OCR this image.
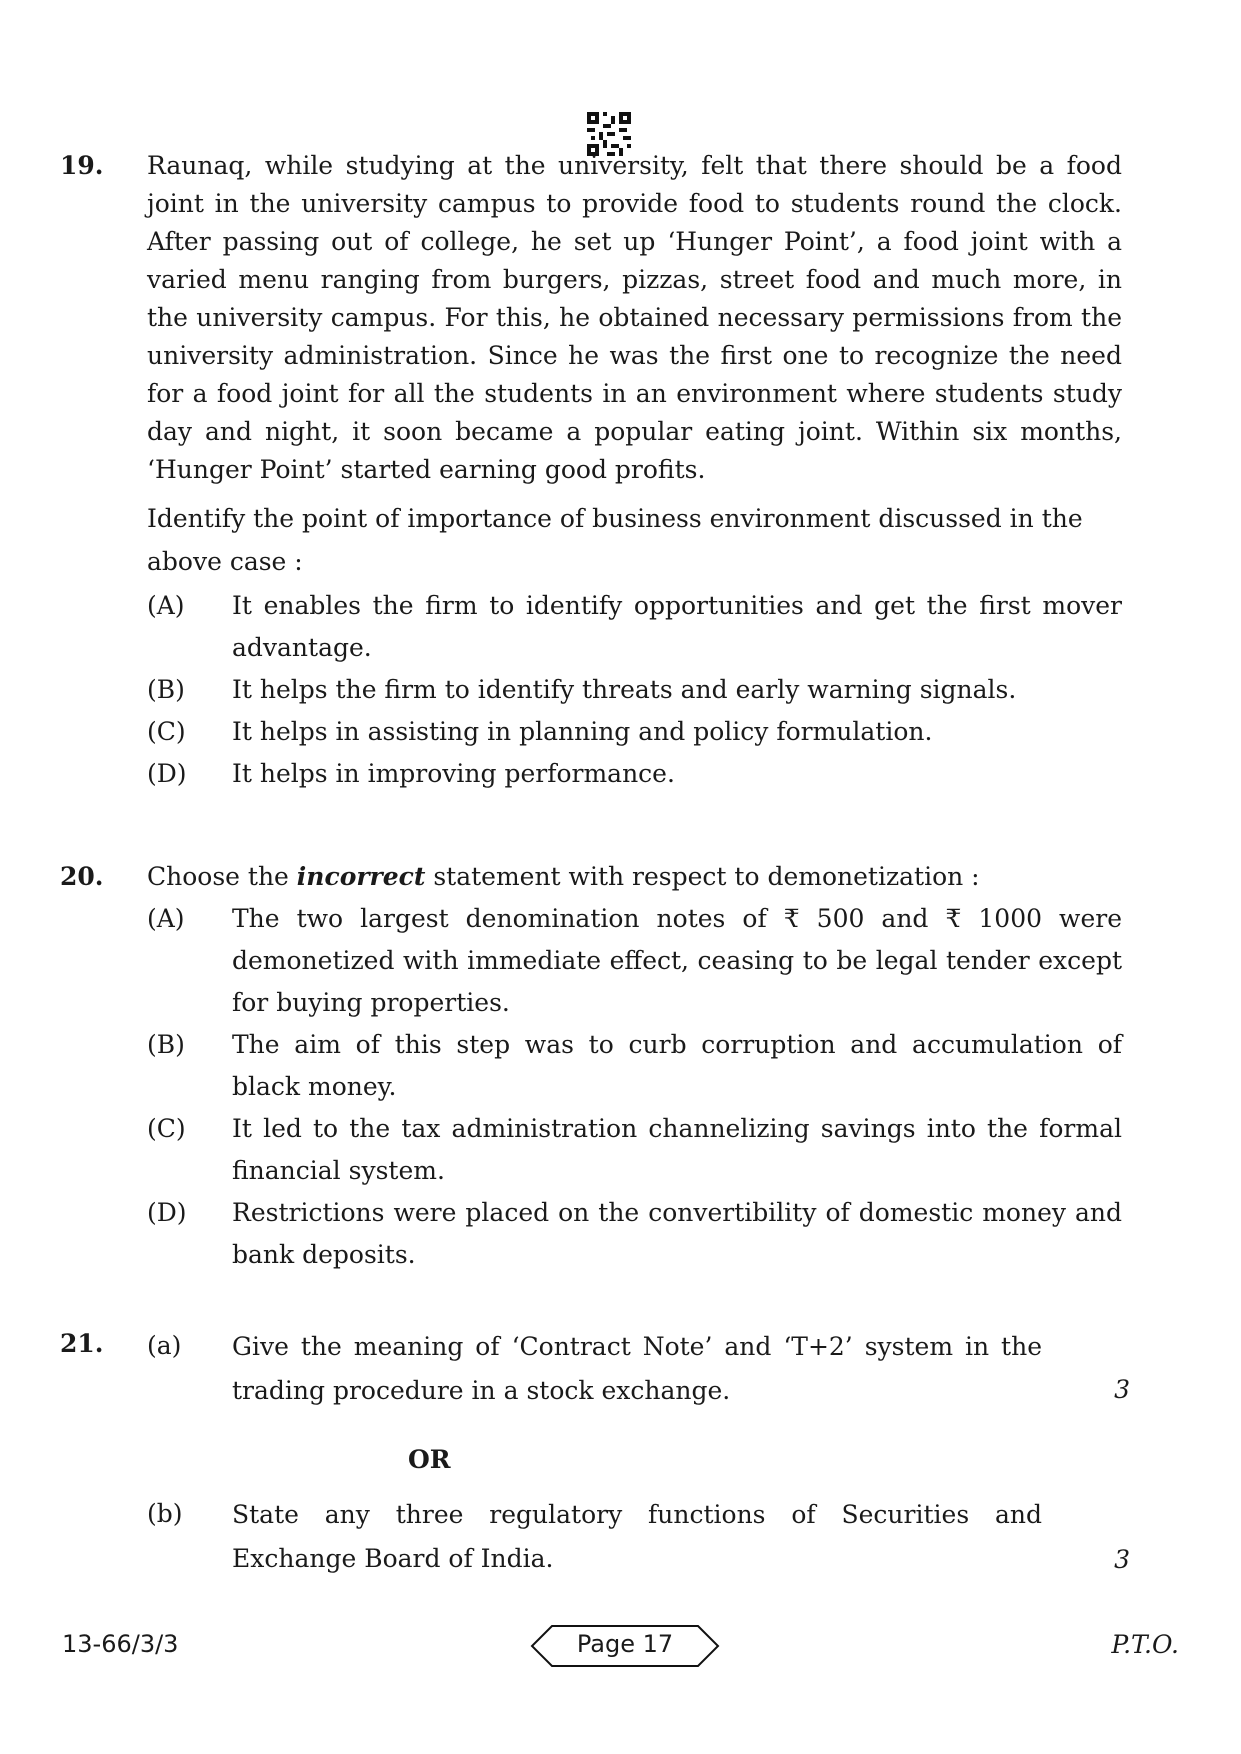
19. Raunaq, while studying at the university, felt that there should be a food joint in the university campus to provide food to students round the clock. After passing out of college, he set up ‘Hunger Point’, a food joint with a varied menu ranging from burgers, pizzas, street food and much more, in the university campus. For this, he obtained necessary permissions from the university administration. Since he was the first one to recognize the need for a food joint for all the students in an environment where students study day and night, it soon became a popular eating joint. Within six months, ‘Hunger Point’ started earning good profits.

Identify the point of importance of business environment discussed in the above case :

(A) It enables the firm to identify opportunities and get the first mover advantage.
(B) It helps the firm to identify threats and early warning signals.
(C) It helps in assisting in planning and policy formulation.
(D) It helps in improving performance.
20. Choose the incorrect statement with respect to demonetization :

(A) The two largest denomination notes of ₹ 500 and ₹ 1000 were demonetized with immediate effect, ceasing to be legal tender except for buying properties.
(B) The aim of this step was to curb corruption and accumulation of black money.
(C) It led to the tax administration channelizing savings into the formal financial system.
(D) Restrictions were placed on the convertibility of domestic money and bank deposits.
21. (a) Give the meaning of ‘Contract Note’ and ‘T+2’ system in the trading procedure in a stock exchange.	3
OR
(b) State any three regulatory functions of Securities and Exchange Board of India.	3
13-66/3/3	Page 17	P.T.O.
